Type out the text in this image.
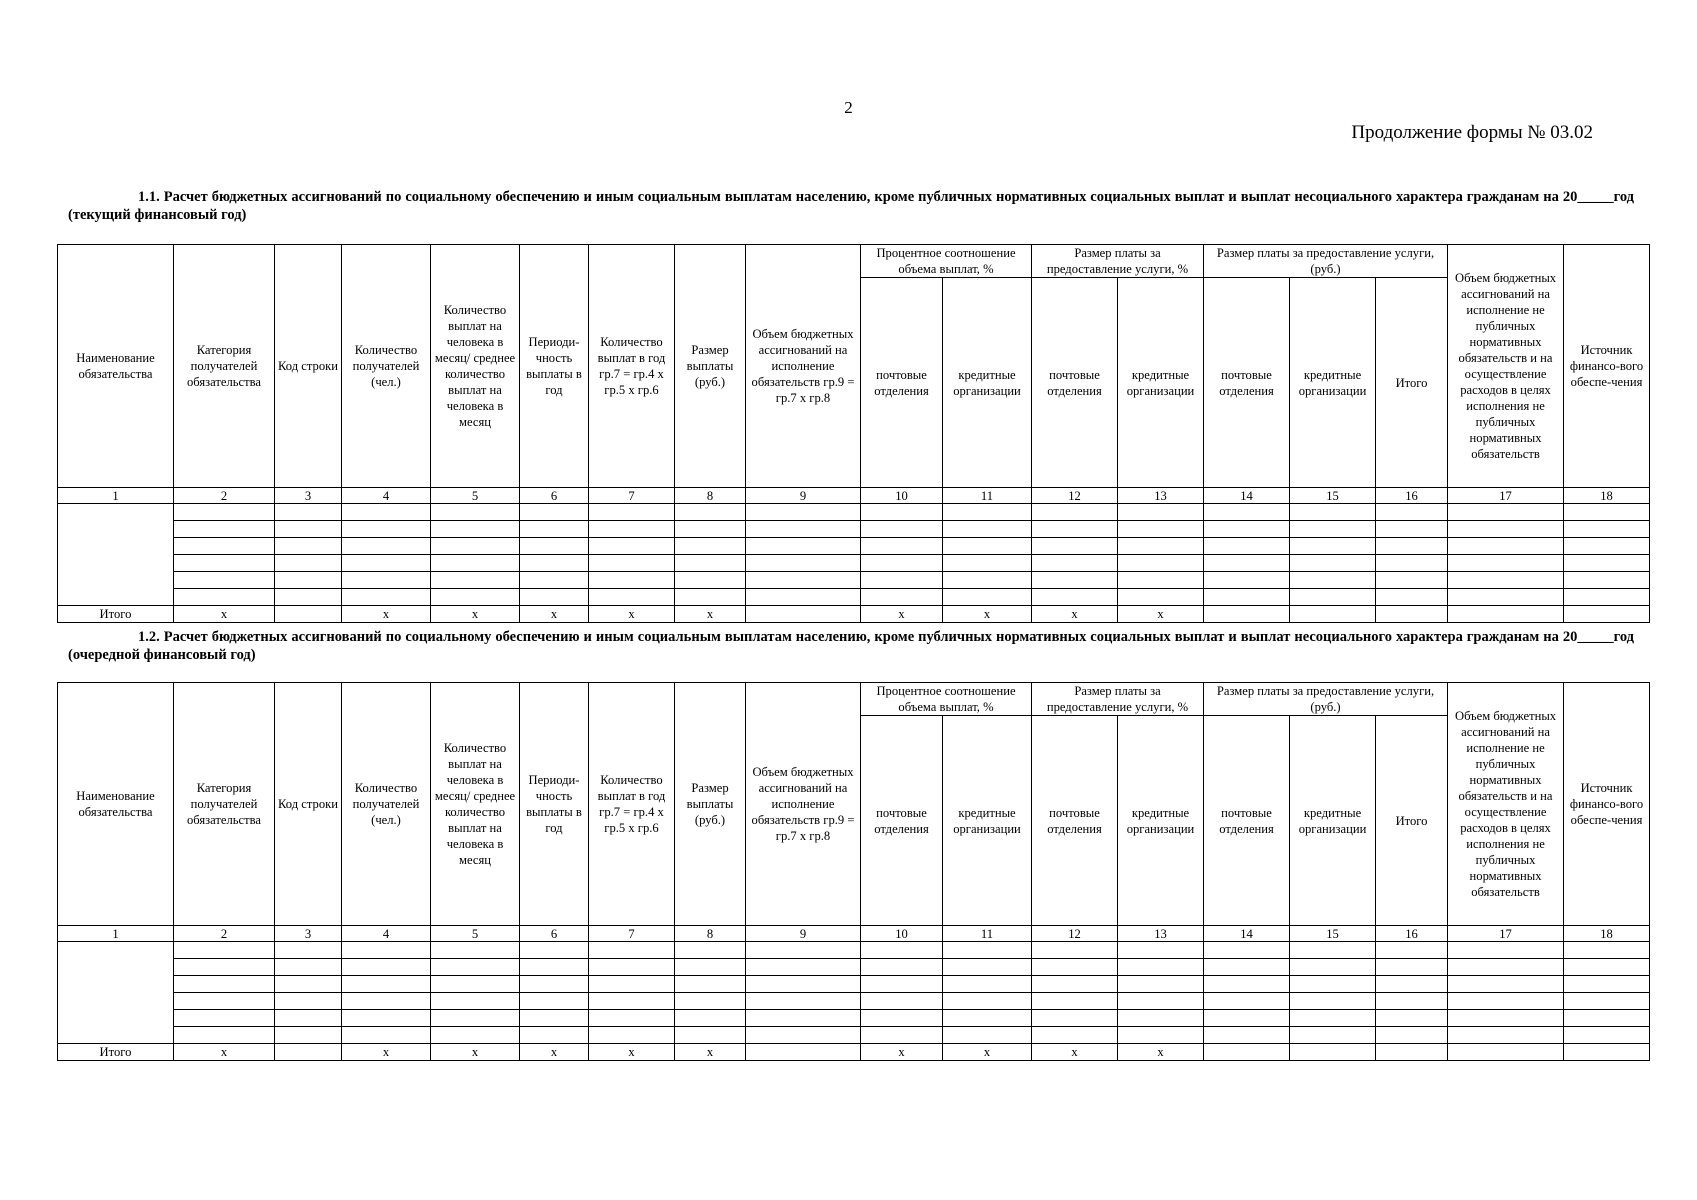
2
Продолжение формы № 03.02
1.1. Расчет бюджетных ассигнований по социальному обеспечению и иным социальным выплатам населению, кроме публичных нормативных социальных выплат и выплат несоциального характера гражданам на 20_____год (текущий финансовый год)
1.2. Расчет бюджетных ассигнований по социальному обеспечению и иным социальным выплатам населению, кроме публичных нормативных социальных выплат и выплат несоциального характера гражданам на 20_____год (очередной финансовый год)
Наименование обязательства	Категория получателей обязательства	Код строки	Количество получателей (чел.)	Количество выплат на человека в месяц/ среднее количество выплат на человека в месяц	Периоди-чность выплаты в год	Количество выплат в год гр.7 = гр.4 х гр.5 х гр.6	Размер выплаты (руб.)	Объем бюджетных ассигнований на исполнение обязательств гр.9 = гр.7 х гр.8	Процентное соотношение объема выплат, %		Размер платы за предоставление услуги, %		Размер платы за предоставление услуги, (руб.)			Объем бюджетных ассигнований на исполнение не публичных нормативных обязательств и на осуществление расходов в целях исполнения не публичных нормативных обязательств	Источник финансо-вого обеспе-чения
									почтовые отделения	кредитные организации	почтовые отделения	кредитные организации	почтовые отделения	кредитные организации	Итого		
1	2	3	4	5	6	7	8	9	10	11	12	13	14	15	16	17	18

Итого	x		x	x	x	x	x		x	x	x	x					
Наименование обязательства	Категория получателей обязательства	Код строки	Количество получателей (чел.)	Количество выплат на человека в месяц/ среднее количество выплат на человека в месяц	Периоди-чность выплаты в год	Количество выплат в год гр.7 = гр.4 х гр.5 х гр.6	Размер выплаты (руб.)	Объем бюджетных ассигнований на исполнение обязательств гр.9 = гр.7 х гр.8	Процентное соотношение объема выплат, %		Размер платы за предоставление услуги, %		Размер платы за предоставление услуги, (руб.)			Объем бюджетных ассигнований на исполнение не публичных нормативных обязательств и на осуществление расходов в целях исполнения не публичных нормативных обязательств	Источник финансо-вого обеспе-чения
									почтовые отделения	кредитные организации	почтовые отделения	кредитные организации	почтовые отделения	кредитные организации	Итого		
1	2	3	4	5	6	7	8	9	10	11	12	13	14	15	16	17	18

Итого	x		x	x	x	x	x		x	x	x	x					
